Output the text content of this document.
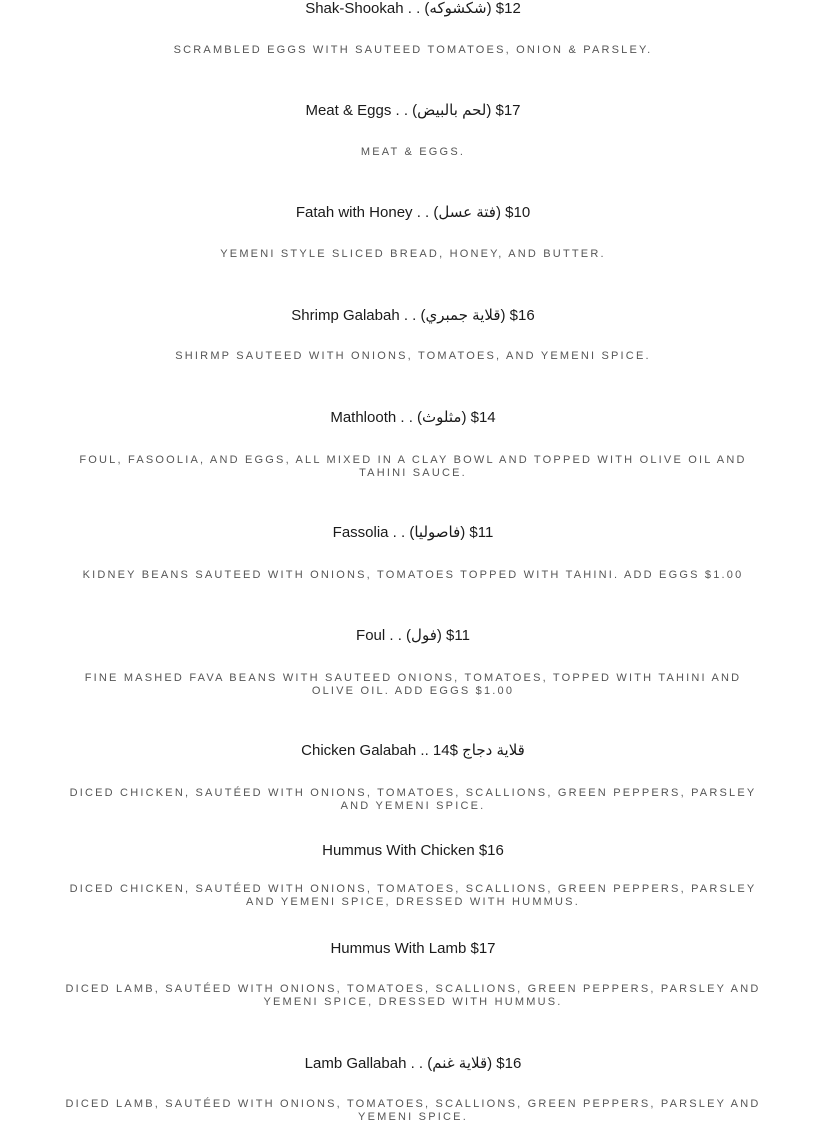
Shak-Shookah . . (شكشوكه) $12
SCRAMBLED EGGS WITH SAUTEED TOMATOES, ONION & PARSLEY.
Meat & Eggs . . (لحم بالبيض) $17
MEAT & EGGS.
Fatah with Honey . . (فتة عسل) $10
YEMENI STYLE SLICED BREAD, HONEY, AND BUTTER.
Shrimp Galabah . . (قلاية جمبري) $16
SHIRMP SAUTEED WITH ONIONS, TOMATOES, AND YEMENI SPICE.
Mathlooth . . (مثلوث) $14
FOUL, FASOOLIA, AND EGGS, ALL MIXED IN A CLAY BOWL AND TOPPED WITH OLIVE OIL AND TAHINI SAUCE.
Fassolia . . (فاصوليا) $11
KIDNEY BEANS SAUTEED WITH ONIONS, TOMATOES TOPPED WITH TAHINI. ADD EGGS $1.00
Foul . . (فول) $11
FINE MASHED FAVA BEANS WITH SAUTEED ONIONS, TOMATOES, TOPPED WITH TAHINI AND OLIVE OIL. ADD EGGS $1.00
Chicken Galabah .. 14$ قلاية دجاج
DICED CHICKEN, SAUTÉED WITH ONIONS, TOMATOES, SCALLIONS, GREEN PEPPERS, PARSLEY AND YEMENI SPICE.
Hummus With Chicken $16
DICED CHICKEN, SAUTÉED WITH ONIONS, TOMATOES, SCALLIONS, GREEN PEPPERS, PARSLEY AND YEMENI SPICE, DRESSED WITH HUMMUS.
Hummus With Lamb $17
DICED LAMB, SAUTÉED WITH ONIONS, TOMATOES, SCALLIONS, GREEN PEPPERS, PARSLEY AND YEMENI SPICE, DRESSED WITH HUMMUS.
Lamb Gallabah . . (قلاية غنم) $16
DICED LAMB, SAUTÉED WITH ONIONS, TOMATOES, SCALLIONS, GREEN PEPPERS, PARSLEY AND YEMENI SPICE.
